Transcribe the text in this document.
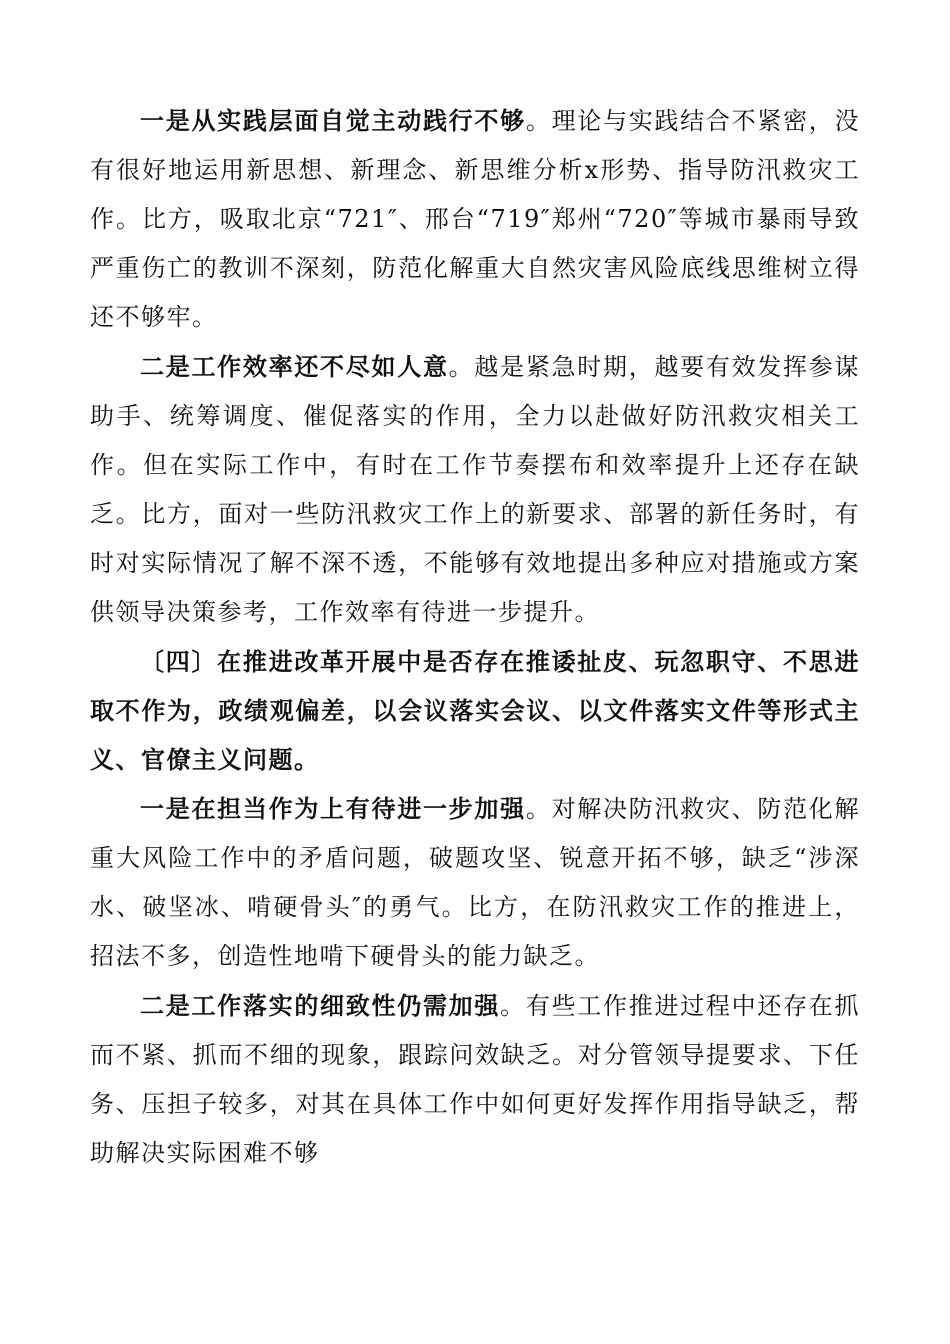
一是从实践层面自觉主动践行不够。理论与实践结合不紧密，没有很好地运用新思想、新理念、新思维分析x形势、指导防汛救灾工作。比方，吸取北京“721″、邢台“719″郑州“720″等城市暴雨导致严重伤亡的教训不深刻，防范化解重大自然灾害风险底线思维树立得还不够牢。

二是工作效率还不尽如人意。越是紧急时期，越要有效发挥参谋助手、统筹调度、催促落实的作用，全力以赴做好防汛救灾相关工作。但在实际工作中，有时在工作节奏摆布和效率提升上还存在缺乏。比方，面对一些防汛救灾工作上的新要求、部署的新任务时，有时对实际情况了解不深不透，不能够有效地提出多种应对措施或方案供领导决策参考，工作效率有待进一步提升。

〔四〕在推进改革开展中是否存在推诿扯皮、玩忽职守、不思进取不作为，政绩观偏差，以会议落实会议、以文件落实文件等形式主义、官僚主义问题。

一是在担当作为上有待进一步加强。对解决防汛救灾、防范化解重大风险工作中的矛盾问题，破题攻坚、锐意开拓不够，缺乏“涉深水、破坚冰、啃硬骨头″的勇气。比方，在防汛救灾工作的推进上，招法不多，创造性地啃下硬骨头的能力缺乏。

二是工作落实的细致性仍需加强。有些工作推进过程中还存在抓而不紧、抓而不细的现象，跟踪问效缺乏。对分管领导提要求、下任务、压担子较多，对其在具体工作中如何更好发挥作用指导缺乏，帮助解决实际困难不够
